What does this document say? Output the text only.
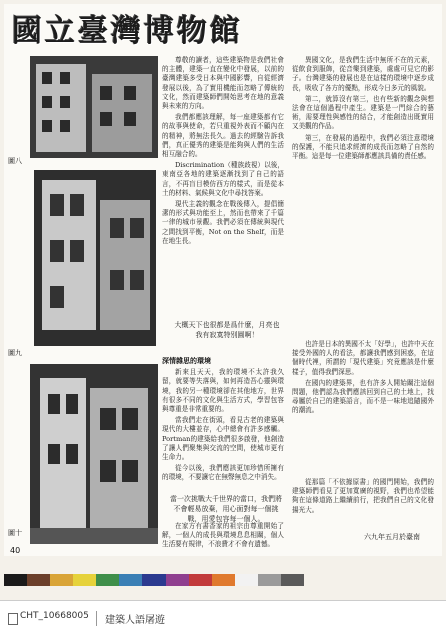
國立臺灣博物館
圖八
圖九
圖十

尊敬的讀者，這些建築物是我們社會的主體，建築一直在變化中發展，以前的臺灣建築多受日本與中國影響，自從經濟發展以後，為了實用機能而忽略了傳統的文化，然而建築師們開始思考在地的意義與未來的方向。

我們都應該理解，每一座建築都有它的故事與使命，若只重視外表而不顧內在的精神，將無法長久。過去的經驗告訴我們，真正優秀的建築是能夠與人們的生活相互融合的。

Discrimination（種族歧視）以後，東南亞各地的建築逐漸找到了自己的語言，不再盲目模仿西方的樣式，而是從本土的材料、氣候與文化中尋找答案。

現代主義的觀念在戰後傳入，提倡簡潔的形式與功能至上，然而也帶來了千篇一律的城市景觀。我們必須在傳統與現代之間找到平衡，Not on the Shelf，而是在地生長。

大概天下也很都是爲什麼，月亮也我有寂寞特別圓啊！
深情雜思的環境

新來且天天，我的環境不太許我久留，就要等失落與，如何再造吾心靈與環境，我的另一種環境卻在其他地方，世界有很多不同的文化與生活方式，學習包容與尊重是非常重要的。

當我們走在街頭，看見古老的建築與現代的大樓並存，心中總會有許多感觸。Portman的建築給我們很多啟發，他創造了讓人們聚集與交流的空間，使城市更有生命力。

從今以後，我們應該更加珍惜所擁有的環境，不要讓它在無聲無息之中消失。

當一次挑戰大千世界的當口，我們將不會輕易放棄，用心面對每一個挑戰，用愛包容每一個人。

在家方有書香家的祖宗由尊重開始了解，一個人的成長與環境息息相關，個人生活要有規律，不浪費才不會有遺憾。

異國文化，是我們生活中無所不在的元素，從飲食到服飾，從音樂到建築，處處可見它的影子。台灣建築的發展也是在這樣的環境中逐步成長，吸收了各方的優點，形成今日多元的風貌。

第二，就算沒有第三，也有些新的觀念與想法會在這個過程中產生。建築是一門綜合的藝術，需要理性與感性的結合，才能創造出既實用又美觀的作品。

第三，在發展的過程中，我們必須注意環境的保護，不能只追求經濟的成長而忽略了自然的平衡。這是每一位建築師都應該具備的責任感。

也許是日本的異國不太「好學」，也許中天在接受外國的人的看法，都讓我們感到困惑，在這個時代裡，所謂的「現代建築」究竟應該是什麼樣子，值得我們深思。

在國內的建築界，也有許多人開始關注這個問題，他們認為我們應該回到自己的土地上，找尋屬於自己的建築語言，而不是一味地追隨國外的潮流。

從那篇「不依據原書」的國門開始，我們的建築師們看見了更加寬廣的視野，我們也希望能夠在這條道路上繼續前行，把我們自己的文化發揚光大。

六九年五月於臺南
40
CHT_10668005	建築人語屠遊
